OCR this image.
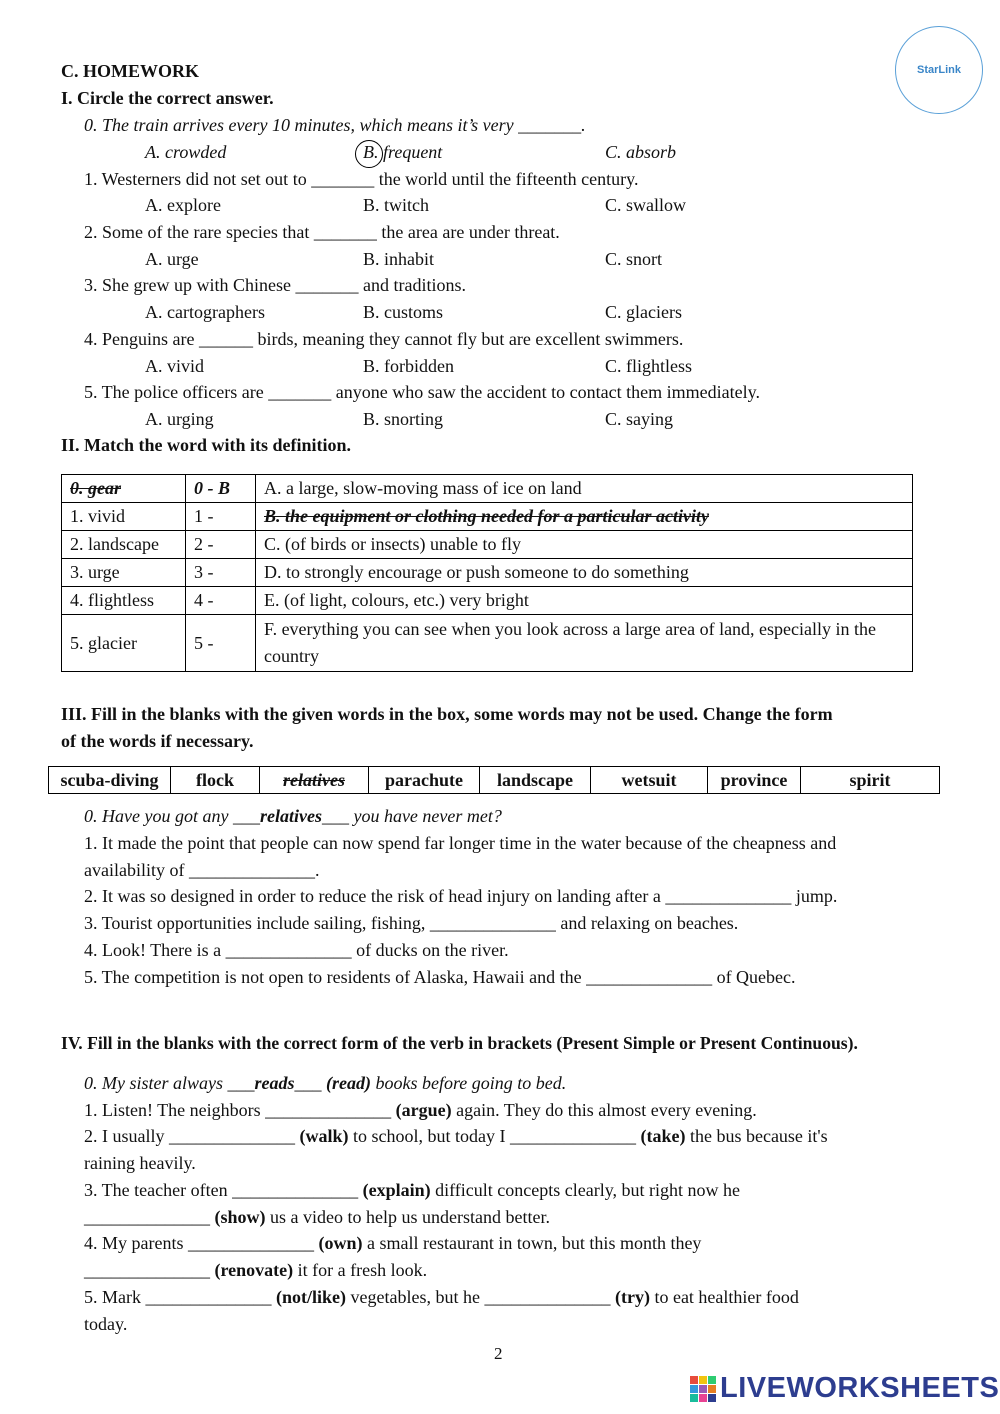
StarLink
C. HOMEWORK
I. Circle the correct answer.
0. The train arrives every 10 minutes, which means it’s very _______.
A. crowded	B. frequent	C. absorb
1. Westerners did not set out to _______ the world until the fifteenth century.
A. explore	B. twitch	C. swallow
2. Some of the rare species that _______ the area are under threat.
A. urge	B. inhabit	C. snort
3. She grew up with Chinese _______ and traditions.
A. cartographers	B. customs	C. glaciers
4. Penguins are ______ birds, meaning they cannot fly but are excellent swimmers.
A. vivid	B. forbidden	C. flightless
5. The police officers are _______ anyone who saw the accident to contact them immediately.
A. urging	B. snorting	C. saying
II. Match the word with its definition.
0. gear	0 - B	A. a large, slow-moving mass of ice on land
1. vivid	1 -	B. the equipment or clothing needed for a particular activity
2. landscape	2 -	C. (of birds or insects) unable to fly
3. urge	3 -	D. to strongly encourage or push someone to do something
4. flightless	4 -	E. (of light, colours, etc.) very bright
5. glacier	5 -	F. everything you can see when you look across a large area of land, especially in the country
III. Fill in the blanks with the given words in the box, some words may not be used. Change the form
of the words if necessary.
scuba-diving	flock	relatives	parachute	landscape	wetsuit	province	spirit
0. Have you got any ___relatives___ you have never met?
1. It made the point that people can now spend far longer time in the water because of the cheapness and
availability of ______________.
2. It was so designed in order to reduce the risk of head injury on landing after a ______________ jump.
3. Tourist opportunities include sailing, fishing, ______________ and relaxing on beaches.
4. Look! There is a ______________ of ducks on the river.
5. The competition is not open to residents of Alaska, Hawaii and the ______________ of Quebec.
IV. Fill in the blanks with the correct form of the verb in brackets (Present Simple or Present Continuous).
0. My sister always ___reads___ (read) books before going to bed.
1. Listen! The neighbors ______________ (argue) again. They do this almost every evening.
2. I usually ______________ (walk) to school, but today I ______________ (take) the bus because it's
raining heavily.
3. The teacher often ______________ (explain) difficult concepts clearly, but right now he
______________ (show) us a video to help us understand better.
4. My parents ______________ (own) a small restaurant in town, but this month they
______________ (renovate) it for a fresh look.
5. Mark ______________ (not/like) vegetables, but he ______________ (try) to eat healthier food
today.
2
LIVEWORKSHEETS
